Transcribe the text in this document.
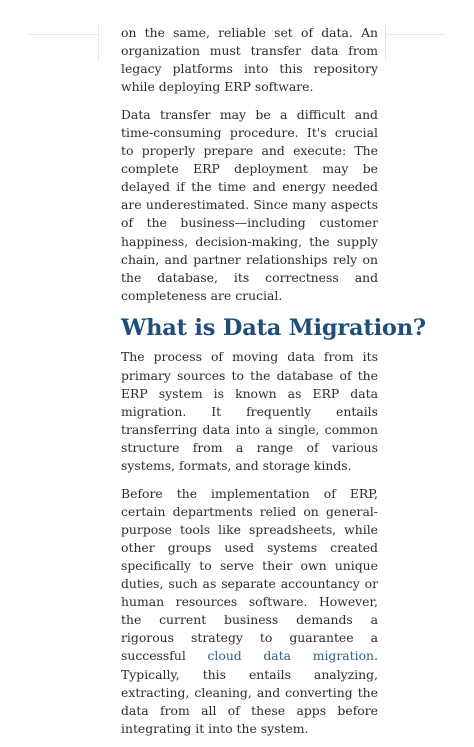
on the same, reliable set of data. An organization must transfer data from legacy platforms into this repository while deploying ERP software.

Data transfer may be a difficult and time-consuming procedure. It's crucial to properly prepare and execute: The complete ERP deployment may be delayed if the time and energy needed are underestimated. Since many aspects of the business—including customer happiness, decision-making, the supply chain, and partner relationships rely on the database, its correctness and completeness are crucial.

What is Data Migration?

The process of moving data from its primary sources to the database of the ERP system is known as ERP data migration. It frequently entails transferring data into a single, common structure from a range of various systems, formats, and storage kinds.

Before the implementation of ERP, certain departments relied on general-purpose tools like spreadsheets, while other groups used systems created specifically to serve their own unique duties, such as separate accountancy or human resources software. However, the current business demands a rigorous strategy to guarantee a successful cloud data migration. Typically, this entails analyzing, extracting, cleaning, and converting the data from all of these apps before integrating it into the system.
